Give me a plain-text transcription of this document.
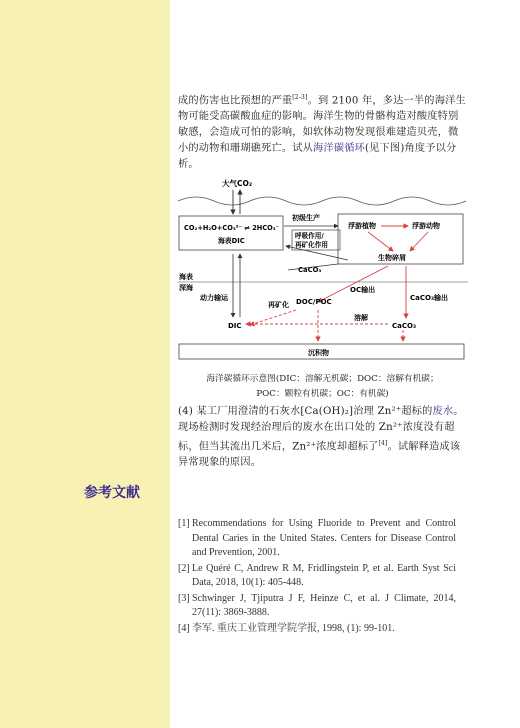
成的伤害也比预想的严重[2-3]。到 2100 年，多达一半的海洋生物可能受高碳酸血症的影响。海洋生物的骨骼构造对酸度特别敏感，会造成可怕的影响，如软体动物发现很难建造贝壳，微小的动物和珊瑚礁死亡。试从海洋碳循环(见下图)角度予以分析。

大气CO₂
CO₂+H₂O+CO₃²⁻ ⇌ 2HCO₃⁻
海表DIC
初级生产
呼吸作用/
再矿化作用
浮游植物	浮游动物
生物碎屑
CaCO₃
海表
深海	OC输出
CaCO₃输出
动力输运
再矿化 DOC/POC
DIC
溶解
CaCO₃
沉积物
海洋碳循环示意图(DIC：溶解无机碳；DOC：溶解有机碳；
POC：颗粒有机碳；OC：有机碳)

(4) 某工厂用澄清的石灰水[Ca(OH)₂]治理 Zn²⁺超标的废水。现场检测时发现经治理后的废水在出口处的 Zn²⁺浓度没有超标，但当其流出几米后，Zn²⁺浓度却超标了[4]。试解释造成该异常现象的原因。

参考文献
[1] Recommendations for Using Fluoride to Prevent and Control Dental Caries in the United States. Centers for Disease Control and Prevention, 2001.
[2] Le Quéré C, Andrew R M, Fridlingstein P, et al. Earth Syst Sci Data, 2018, 10(1): 405-448.
[3] Schwinger J, Tjiputra J F, Heinze C, et al. J Climate, 2014, 27(11): 3869-3888.
[4] 李军. 重庆工业管理学院学报, 1998, (1): 99-101.
